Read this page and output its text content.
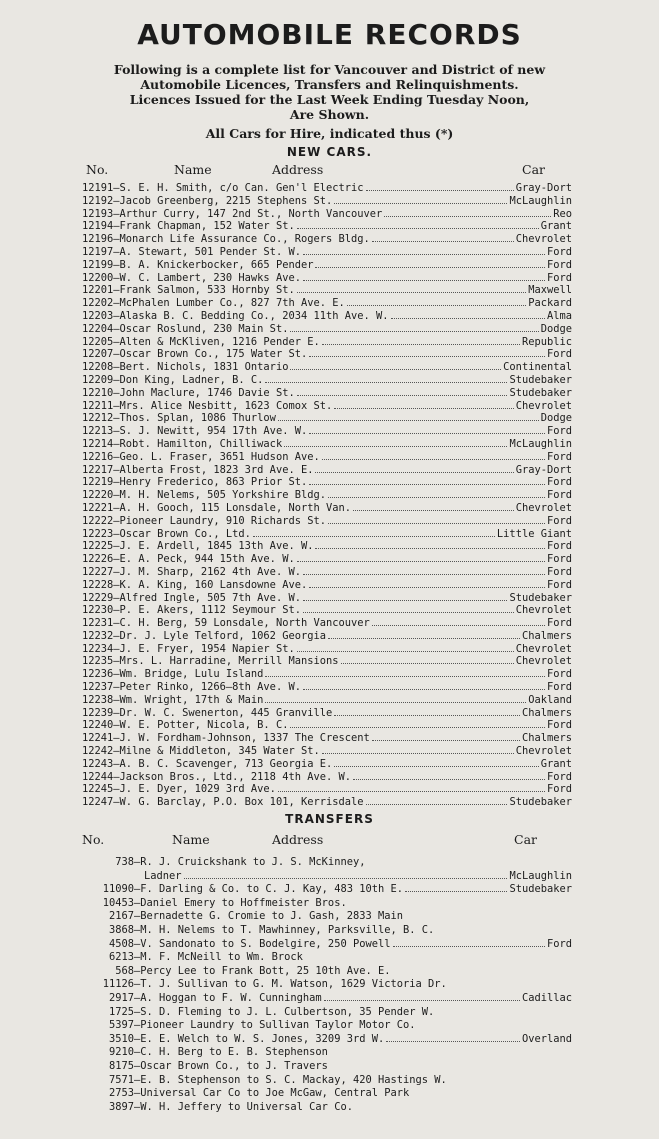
AUTOMOBILE RECORDS
Following is a complete list for Vancouver and District of new
Automobile Licences, Transfers and Relinquishments.
Licences Issued for the Last Week Ending Tuesday Noon,
Are Shown.
All Cars for Hire, indicated thus (*)
NEW CARS.
No.	Name	Address	Car
12191 — S. E. H. Smith, c/o Can. Gen'l Electric	Gray-Dort
12192 — Jacob Greenberg, 2215 Stephens St.	McLaughlin
12193 — Arthur Curry, 147 2nd St., North Vancouver	Reo
12194 — Frank Chapman, 152 Water St.	Grant
12196 — Monarch Life Assurance Co., Rogers Bldg.	Chevrolet
12197 — A. Stewart, 501 Pender St. W.	Ford
12199 — B. A. Knickerbocker, 665 Pender	Ford
12200 — W. C. Lambert, 230 Hawks Ave.	Ford
12201 — Frank Salmon, 533 Hornby St.	Maxwell
12202 — McPhalen Lumber Co., 827 7th Ave. E.	Packard
12203 — Alaska B. C. Bedding Co., 2034 11th Ave. W.	Alma
12204 — Oscar Roslund, 230 Main St.	Dodge
12205 — Alten & McKliven, 1216 Pender E.	Republic
12207 — Oscar Brown Co., 175 Water St.	Ford
12208 — Bert. Nichols, 1831 Ontario	Continental
12209 — Don King, Ladner, B. C.	Studebaker
12210 — John Maclure, 1746 Davie St.	Studebaker
12211 — Mrs. Alice Nesbitt, 1623 Comox St.	Chevrolet
12212 — Thos. Splan, 1086 Thurlow	Dodge
12213 — S. J. Newitt, 954 17th Ave. W.	Ford
12214 — Robt. Hamilton, Chilliwack	McLaughlin
12216 — Geo. L. Fraser, 3651 Hudson Ave.	Ford
12217 — Alberta Frost, 1823 3rd Ave. E.	Gray-Dort
12219 — Henry Frederico, 863 Prior St.	Ford
12220 — M. H. Nelems, 505 Yorkshire Bldg.	Ford
12221 — A. H. Gooch, 115 Lonsdale, North Van.	Chevrolet
12222 — Pioneer Laundry, 910 Richards St.	Ford
12223 — Oscar Brown Co., Ltd.	Little Giant
12225 — J. E. Ardell, 1845 13th Ave. W.	Ford
12226 — E. A. Peck, 944 15th Ave. W.	Ford
12227 — J. M. Sharp, 2162 4th Ave. W.	Ford
12228 — K. A. King, 160 Lansdowne Ave.	Ford
12229 — Alfred Ingle, 505 7th Ave. W.	Studebaker
12230 — P. E. Akers, 1112 Seymour St.	Chevrolet
12231 — C. H. Berg, 59 Lonsdale, North Vancouver	Ford
12232 — Dr. J. Lyle Telford, 1062 Georgia	Chalmers
12234 — J. E. Fryer, 1954 Napier St.	Chevrolet
12235 — Mrs. L. Harradine, Merrill Mansions	Chevrolet
12236 — Wm. Bridge, Lulu Island	Ford
12237 — Peter Rinko, 1266—8th Ave. W.	Ford
12238 — Wm. Wright, 17th & Main	Oakland
12239 — Dr. W. C. Swenerton, 445 Granville	Chalmers
12240 — W. E. Potter, Nicola, B. C.	Ford
12241 — J. W. Fordham-Johnson, 1337 The Crescent	Chalmers
12242 — Milne & Middleton, 345 Water St.	Chevrolet
12243 — A. B. C. Scavenger, 713 Georgia E.	Grant
12244 — Jackson Bros., Ltd., 2118 4th Ave. W.	Ford
12245 — J. E. Dyer, 1029 3rd Ave.	Ford
12247 — W. G. Barclay, P.O. Box 101, Kerrisdale	Studebaker
TRANSFERS
No.	Name	Address	Car
738 — R. J. Cruickshank to J. S. McKinney,
Ladner	McLaughlin
11090 — F. Darling & Co. to C. J. Kay, 483 10th E.	Studebaker
10453 — Daniel Emery to Hoffmeister Bros.
2167 — Bernadette G. Cromie to J. Gash, 2833 Main
3868 — M. H. Nelems to T. Mawhinney, Parksville, B. C.
4508 — V. Sandonato to S. Bodelgire, 250 Powell	Ford
6213 — M. F. McNeill to Wm. Brock
568 — Percy Lee to Frank Bott, 25 10th Ave. E.
11126 — T. J. Sullivan to G. M. Watson, 1629 Victoria Dr.
2917 — A. Hoggan to F. W. Cunningham	Cadillac
1725 — S. D. Fleming to J. L. Culbertson, 35 Pender W.
5397 — Pioneer Laundry to Sullivan Taylor Motor Co.
3510 — E. E. Welch to W. S. Jones, 3209 3rd W.	Overland
9210 — C. H. Berg to E. B. Stephenson
8175 — Oscar Brown Co., to J. Travers
7571 — E. B. Stephenson to S. C. Mackay, 420 Hastings W.
2753 — Universal Car Co to Joe McGaw, Central Park
3897 — W. H. Jeffery to Universal Car Co.
